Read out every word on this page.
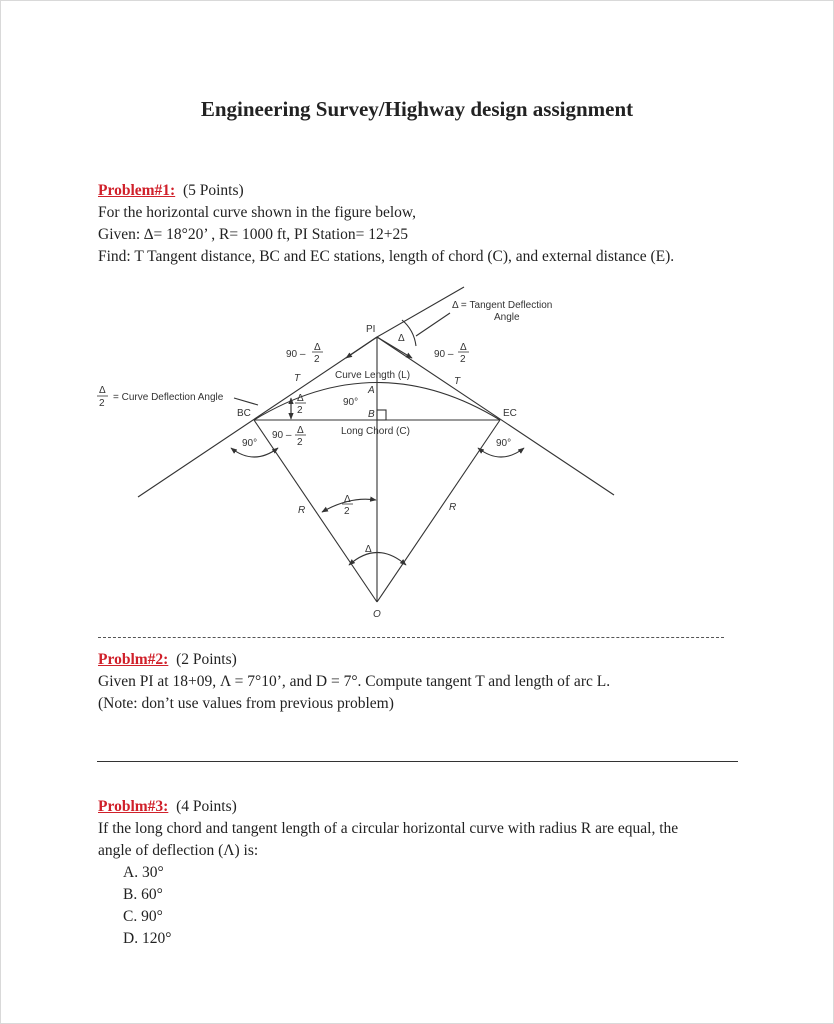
Engineering Survey/Highway design assignment
Problem#1: (5 Points)
For the horizontal curve shown in the figure below,
Given: ∆= 18°20’ , R= 1000 ft, PI Station= 12+25
Find: T Tangent distance, BC and EC stations, length of chord (C), and external distance (E).
PI
Δ
Δ = Tangent Deflection
Angle
90 –
Δ
2	90 –
Δ
2
T	T
Curve Length (L)
A
90°
B
Long Chord (C)
Δ
2
= Curve Deflection Angle
BC	EC
Δ
2
90 – Δ
2
90°	90°
R	R
Δ
2
Δ
O
Problm#2: (2 Points)
Given PI at 18+09, Λ = 7°10’, and D = 7°. Compute tangent T and length of arc L.
(Note: don’t use values from previous problem)
Problm#3: (4 Points)
If the long chord and tangent length of a circular horizontal curve with radius R are equal, the
angle of deflection (Λ) is:
A. 30°
B. 60°
C. 90°
D. 120°
